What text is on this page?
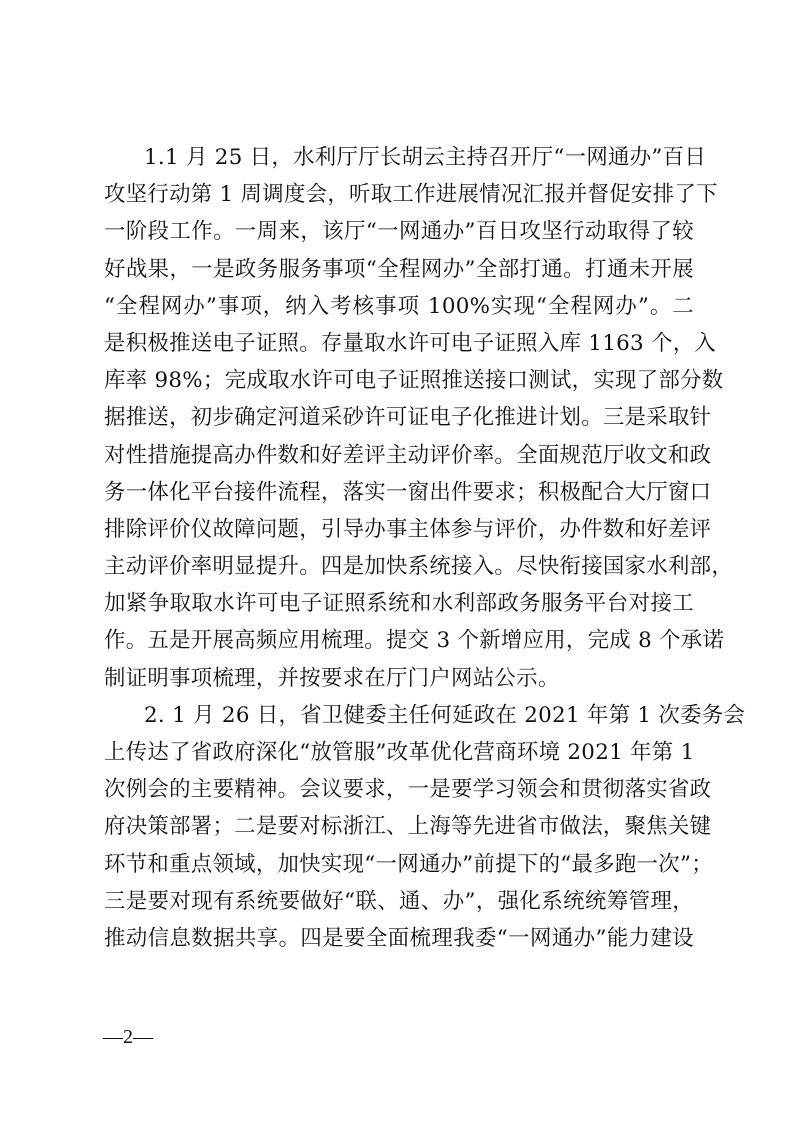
1.1 月 25 日，水利厅厅长胡云主持召开厅“一网通办”百日
攻坚行动第 1 周调度会，听取工作进展情况汇报并督促安排了下
一阶段工作。一周来，该厅“一网通办”百日攻坚行动取得了较
好战果，一是政务服务事项“全程网办”全部打通。打通未开展
“全程网办”事项，纳入考核事项 100%实现“全程网办”。二
是积极推送电子证照。存量取水许可电子证照入库 1163 个，入
库率 98%；完成取水许可电子证照推送接口测试，实现了部分数
据推送，初步确定河道采砂许可证电子化推进计划。三是采取针
对性措施提高办件数和好差评主动评价率。全面规范厅收文和政
务一体化平台接件流程，落实一窗出件要求；积极配合大厅窗口
排除评价仪故障问题，引导办事主体参与评价，办件数和好差评
主动评价率明显提升。四是加快系统接入。尽快衔接国家水利部，
加紧争取取水许可电子证照系统和水利部政务服务平台对接工
作。五是开展高频应用梳理。提交 3 个新增应用，完成 8 个承诺
制证明事项梳理，并按要求在厅门户网站公示。
2. 1 月 26 日，省卫健委主任何延政在 2021 年第 1 次委务会
上传达了省政府深化“放管服”改革优化营商环境 2021 年第 1
次例会的主要精神。会议要求，一是要学习领会和贯彻落实省政
府决策部署；二是要对标浙江、上海等先进省市做法，聚焦关键
环节和重点领域，加快实现“一网通办”前提下的“最多跑一次”；
三是要对现有系统要做好“联、通、办”，强化系统统筹管理，
推动信息数据共享。四是要全面梳理我委“一网通办”能力建设
—2—
